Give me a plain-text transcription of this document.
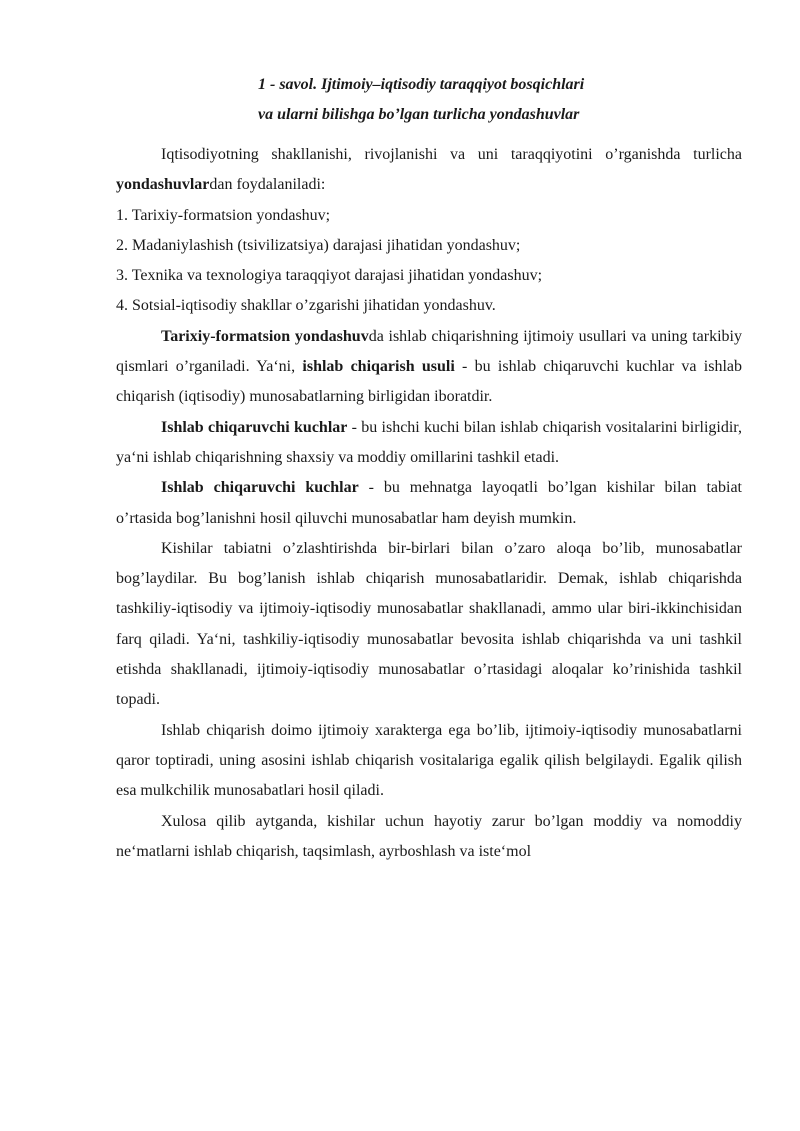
1 - savol. Ijtimoiy–iqtisodiy taraqqiyot bosqichlari
va ularni bilishga bo’lgan turlicha yondashuvlar

Iqtisodiyotning shakllanishi, rivojlanishi va uni taraqqiyotini o’rganishda turlicha yondashuvlardan foydalaniladi:

1. Tarixiy-formatsion yondashuv;

2. Madaniylashish (tsivilizatsiya) darajasi jihatidan yondashuv;

3. Texnika va texnologiya taraqqiyot darajasi jihatidan yondashuv;

4. Sotsial-iqtisodiy shakllar o’zgarishi jihatidan yondashuv.

Tarixiy-formatsion yondashuvda ishlab chiqarishning ijtimoiy usullari va uning tarkibiy qismlari o’rganiladi. Ya‘ni, ishlab chiqarish usuli - bu ishlab chiqaruvchi kuchlar va ishlab chiqarish (iqtisodiy) munosabatlarning birligidan iboratdir.

Ishlab chiqaruvchi kuchlar - bu ishchi kuchi bilan ishlab chiqarish vositalarini birligidir, ya‘ni ishlab chiqarishning shaxsiy va moddiy omillarini tashkil etadi.

Ishlab chiqaruvchi kuchlar - bu mehnatga layoqatli bo’lgan kishilar bilan tabiat o’rtasida bog’lanishni hosil qiluvchi munosabatlar ham deyish mumkin.

Kishilar tabiatni o’zlashtirishda bir-birlari bilan o’zaro aloqa bo’lib, munosabatlar bog’laydilar. Bu bog’lanish ishlab chiqarish munosabatlaridir. Demak, ishlab chiqarishda tashkiliy-iqtisodiy va ijtimoiy-iqtisodiy munosabatlar shakllanadi, ammo ular biri-ikkinchisidan farq qiladi. Ya‘ni, tashkiliy-iqtisodiy munosabatlar bevosita ishlab chiqarishda va uni tashkil etishda shakllanadi, ijtimoiy-iqtisodiy munosabatlar o’rtasidagi aloqalar ko’rinishida tashkil topadi.

Ishlab chiqarish doimo ijtimoiy xarakterga ega bo’lib, ijtimoiy-iqtisodiy munosabatlarni qaror toptiradi, uning asosini ishlab chiqarish vositalariga egalik qilish belgilaydi. Egalik qilish esa mulkchilik munosabatlari hosil qiladi.

Xulosa qilib aytganda, kishilar uchun hayotiy zarur bo’lgan moddiy va nomoddiy ne‘matlarni ishlab chiqarish, taqsimlash, ayrboshlash va iste‘mol
